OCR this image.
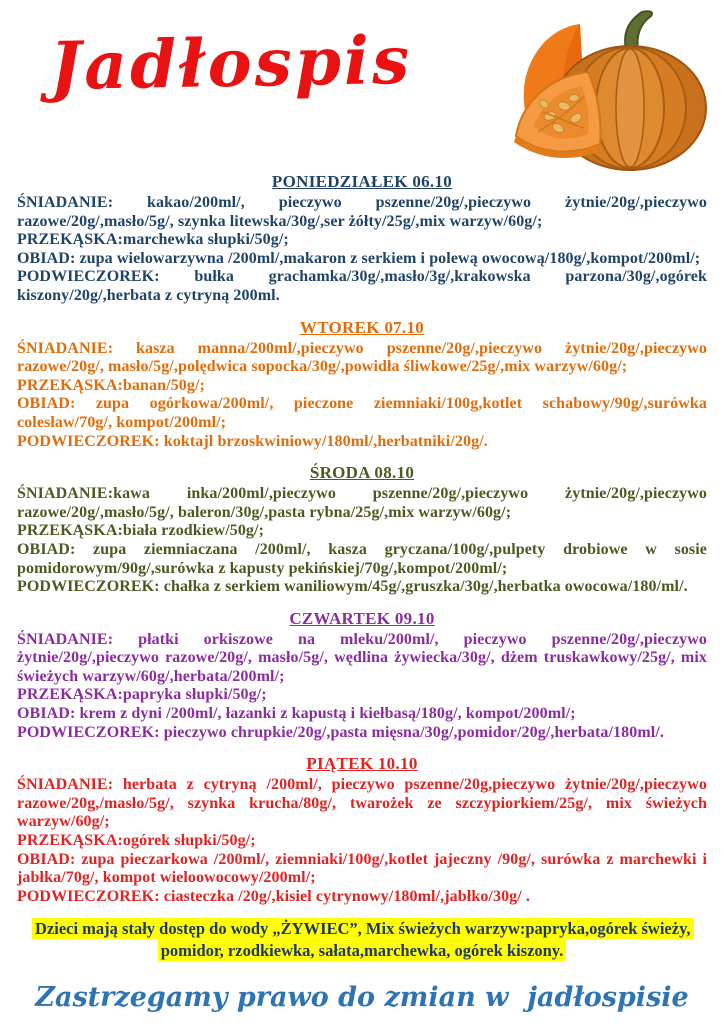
Jadłospis
PONIEDZIAŁEK 06.10

ŚNIADANIE: kakao/200ml/, pieczywo pszenne/20g/,pieczywo żytnie/20g/,pieczywo razowe/20g/,masło/5g/, szynka litewska/30g/,ser żółty/25g/,mix warzyw/60g/;

PRZEKĄSKA:marchewka słupki/50g/;

OBIAD: zupa wielowarzywna /200ml/,makaron z serkiem i polewą owocową/180g/,kompot/200ml/;

PODWIECZOREK: bułka grachamka/30g/,masło/3g/,krakowska parzona/30g/,ogórek kiszony/20g/,herbata z cytryną 200ml.

WTOREK 07.10

ŚNIADANIE: kasza manna/200ml/,pieczywo pszenne/20g/,pieczywo żytnie/20g/,pieczywo razowe/20g/, masło/5g/,polędwica sopocka/30g/,powidła śliwkowe/25g/,mix warzyw/60g/;

PRZEKĄSKA:banan/50g/;

OBIAD: zupa ogórkowa/200ml/, pieczone ziemniaki/100g,kotlet schabowy/90g/,surówka colesław/70g/, kompot/200ml/;

PODWIECZOREK: koktajl brzoskwiniowy/180ml/,herbatniki/20g/.

ŚRODA 08.10

ŚNIADANIE:kawa inka/200ml/,pieczywo pszenne/20g/,pieczywo żytnie/20g/,pieczywo razowe/20g/,masło/5g/, baleron/30g/,pasta rybna/25g/,mix warzyw/60g/;

PRZEKĄSKA:biała rzodkiew/50g/;

OBIAD: zupa ziemniaczana /200ml/, kasza gryczana/100g/,pulpety drobiowe w sosie pomidorowym/90g/,surówka z kapusty pekińskiej/70g/,kompot/200ml/;

PODWIECZOREK: chałka z serkiem waniliowym/45g/,gruszka/30g/,herbatka owocowa/180/ml/.

CZWARTEK 09.10

ŚNIADANIE: płatki orkiszowe na mleku/200ml/, pieczywo pszenne/20g/,pieczywo żytnie/20g/,pieczywo razowe/20g/, masło/5g/, wędlina żywiecka/30g/, dżem truskawkowy/25g/, mix świeżych warzyw/60g/,herbata/200ml/;

PRZEKĄSKA:papryka słupki/50g/;

OBIAD: krem z dyni /200ml/, łazanki z kapustą i kiełbasą/180g/, kompot/200ml/;

PODWIECZOREK: pieczywo chrupkie/20g/,pasta mięsna/30g/,pomidor/20g/,herbata/180ml/.

PIĄTEK 10.10

ŚNIADANIE: herbata z cytryną /200ml/, pieczywo pszenne/20g,pieczywo żytnie/20g/,pieczywo razowe/20g,/masło/5g/, szynka krucha/80g/, twarożek ze szczypiorkiem/25g/, mix świeżych warzyw/60g/;

PRZEKĄSKA:ogórek słupki/50g/;

OBIAD: zupa pieczarkowa /200ml/, ziemniaki/100g/,kotlet jajeczny /90g/, surówka z marchewki i jabłka/70g/, kompot wieloowocowy/200ml/;

PODWIECZOREK: ciasteczka /20g/,kisiel cytrynowy/180ml/,jabłko/30g/ .

Dzieci mają stały dostęp do wody „ŻYWIEC”, Mix świeżych warzyw:papryka,ogórek świeży, pomidor, rzodkiewka, sałata,marchewka, ogórek kiszony.
Zastrzegamy prawo do zmian w  jadłospisie
